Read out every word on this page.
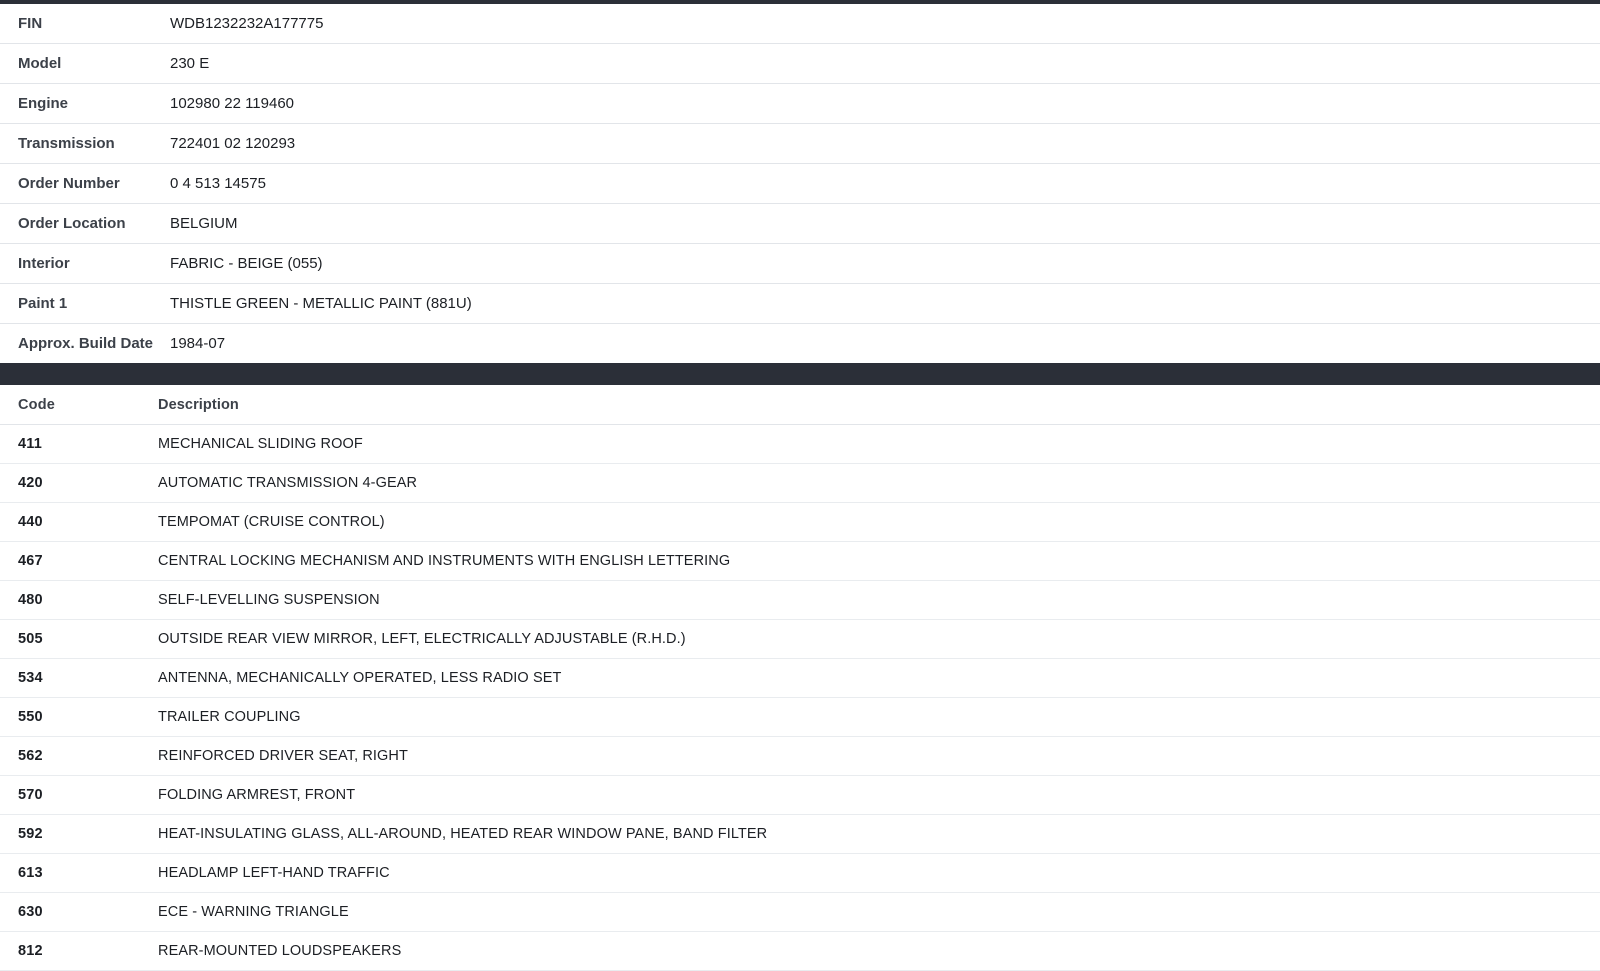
FIN	WDB1232232A177775
Model	230 E
Engine	102980 22 119460
Transmission	722401 02 120293
Order Number	0 4 513 14575
Order Location	BELGIUM
Interior	FABRIC - BEIGE (055)
Paint 1	THISTLE GREEN - METALLIC PAINT (881U)
Approx. Build Date	1984-07
Code	Description
411	MECHANICAL SLIDING ROOF
420	AUTOMATIC TRANSMISSION 4-GEAR
440	TEMPOMAT (CRUISE CONTROL)
467	CENTRAL LOCKING MECHANISM AND INSTRUMENTS WITH ENGLISH LETTERING
480	SELF-LEVELLING SUSPENSION
505	OUTSIDE REAR VIEW MIRROR, LEFT, ELECTRICALLY ADJUSTABLE (R.H.D.)
534	ANTENNA, MECHANICALLY OPERATED, LESS RADIO SET
550	TRAILER COUPLING
562	REINFORCED DRIVER SEAT, RIGHT
570	FOLDING ARMREST, FRONT
592	HEAT-INSULATING GLASS, ALL-AROUND, HEATED REAR WINDOW PANE, BAND FILTER
613	HEADLAMP LEFT-HAND TRAFFIC
630	ECE - WARNING TRIANGLE
812	REAR-MOUNTED LOUDSPEAKERS
